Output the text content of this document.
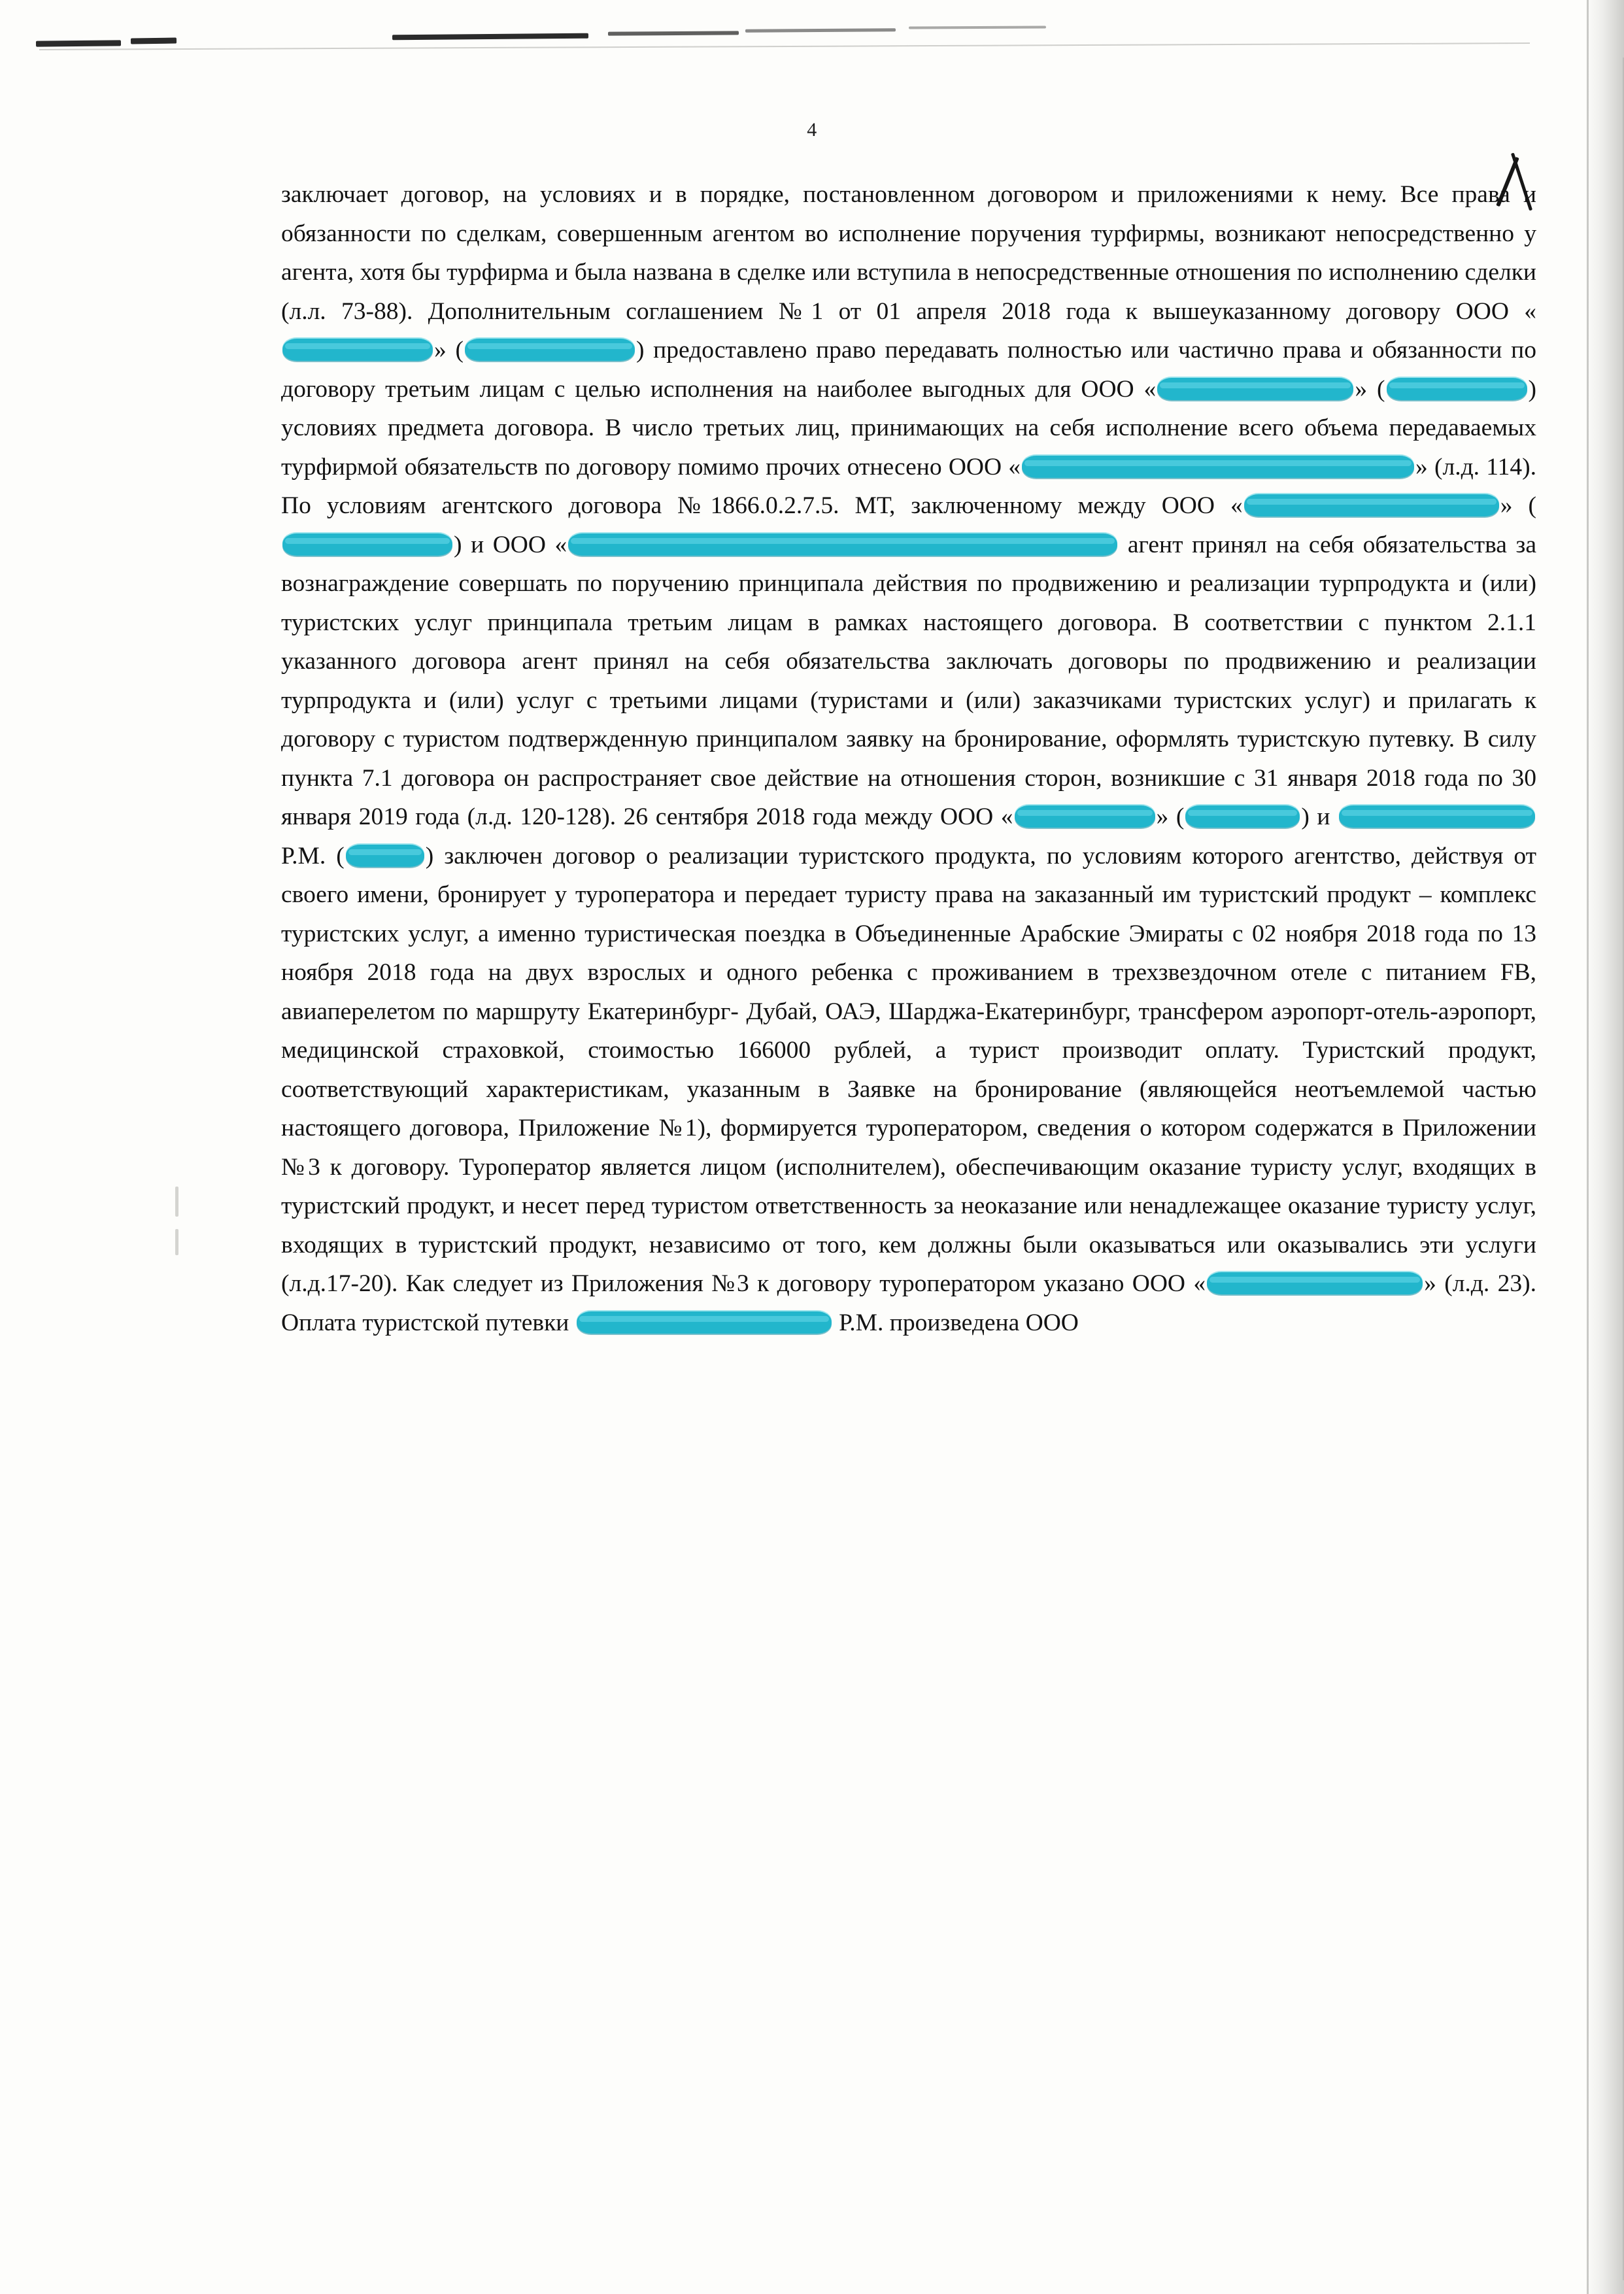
4

заключает договор, на условиях и в порядке, постановленном договором и приложениями к нему. Все права и обязанности по сделкам, совершенным агентом во исполнение поручения турфирмы, возникают непосредственно у агента, хотя бы турфирма и была названа в сделке или вступила в непосредственные отношения по исполнению сделки (л.л. 73-88). Дополнительным соглашением №1 от 01 апреля 2018 года к вышеуказанному договору ООО «» (	) предоставлено право передавать полностью или частично права и обязанности по договору третьим лицам с целью исполнения на наиболее выгодных для ООО «	» (	) условиях предмета договора. В число третьих лиц, принимающих на себя исполнение всего объема передаваемых турфирмой обязательств по договору помимо прочих отнесено ООО «	» (л.д. 114). По условиям агентского договора №1866.0.2.7.5. МТ, заключенному между ООО «	» () и ООО «	агент принял на себя обязательства за вознаграждение совершать по поручению принципала действия по продвижению и реализации турпродукта и (или) туристских услуг принципала третьим лицам в рамках настоящего договора. В соответствии с пунктом 2.1.1 указанного договора агент принял на себя обязательства заключать договоры по продвижению и реализации турпродукта и (или) услуг с третьими лицами (туристами и (или) заказчиками туристских услуг) и прилагать к договору с туристом подтвержденную принципалом заявку на бронирование, оформлять туристскую путевку. В силу пункта 7.1 договора он распространяет свое действие на отношения сторон, возникшие с 31 января 2018 года по 30 января 2019 года (л.д. 120-128). 26 сентября 2018 года между ООО «	» (	) и  Р.М. (	) заключен договор о реализации туристского продукта, по условиям которого агентство, действуя от своего имени, бронирует у туроператора и передает туристу права на заказанный им туристский продукт – комплекс туристских услуг, а именно туристическая поездка в Объединенные Арабские Эмираты с 02 ноября 2018 года по 13 ноября 2018 года на двух взрослых и одного ребенка с проживанием в трехзвездочном отеле с питанием FB, авиаперелетом по маршруту Екатеринбург- Дубай, ОАЭ, Шарджа-Екатеринбург, трансфером аэропорт-отель-аэропорт, медицинской страховкой, стоимостью 166000 рублей, а турист производит оплату. Туристский продукт, соответствующий характеристикам, указанным в Заявке на бронирование (являющейся неотъемлемой частью настоящего договора, Приложение №1), формируется туроператором, сведения о котором содержатся в Приложении №3 к договору. Туроператор является лицом (исполнителем), обеспечивающим оказание туристу услуг, входящих в туристский продукт, и несет перед туристом ответственность за неоказание или ненадлежащее оказание туристу услуг, входящих в туристский продукт, независимо от того, кем должны были оказываться или оказывались эти услуги (л.д.17-20). Как следует из Приложения №3 к договору туроператором указано ООО «	» (л.д. 23). Оплата туристской путевки	Р.М. произведена ООО
